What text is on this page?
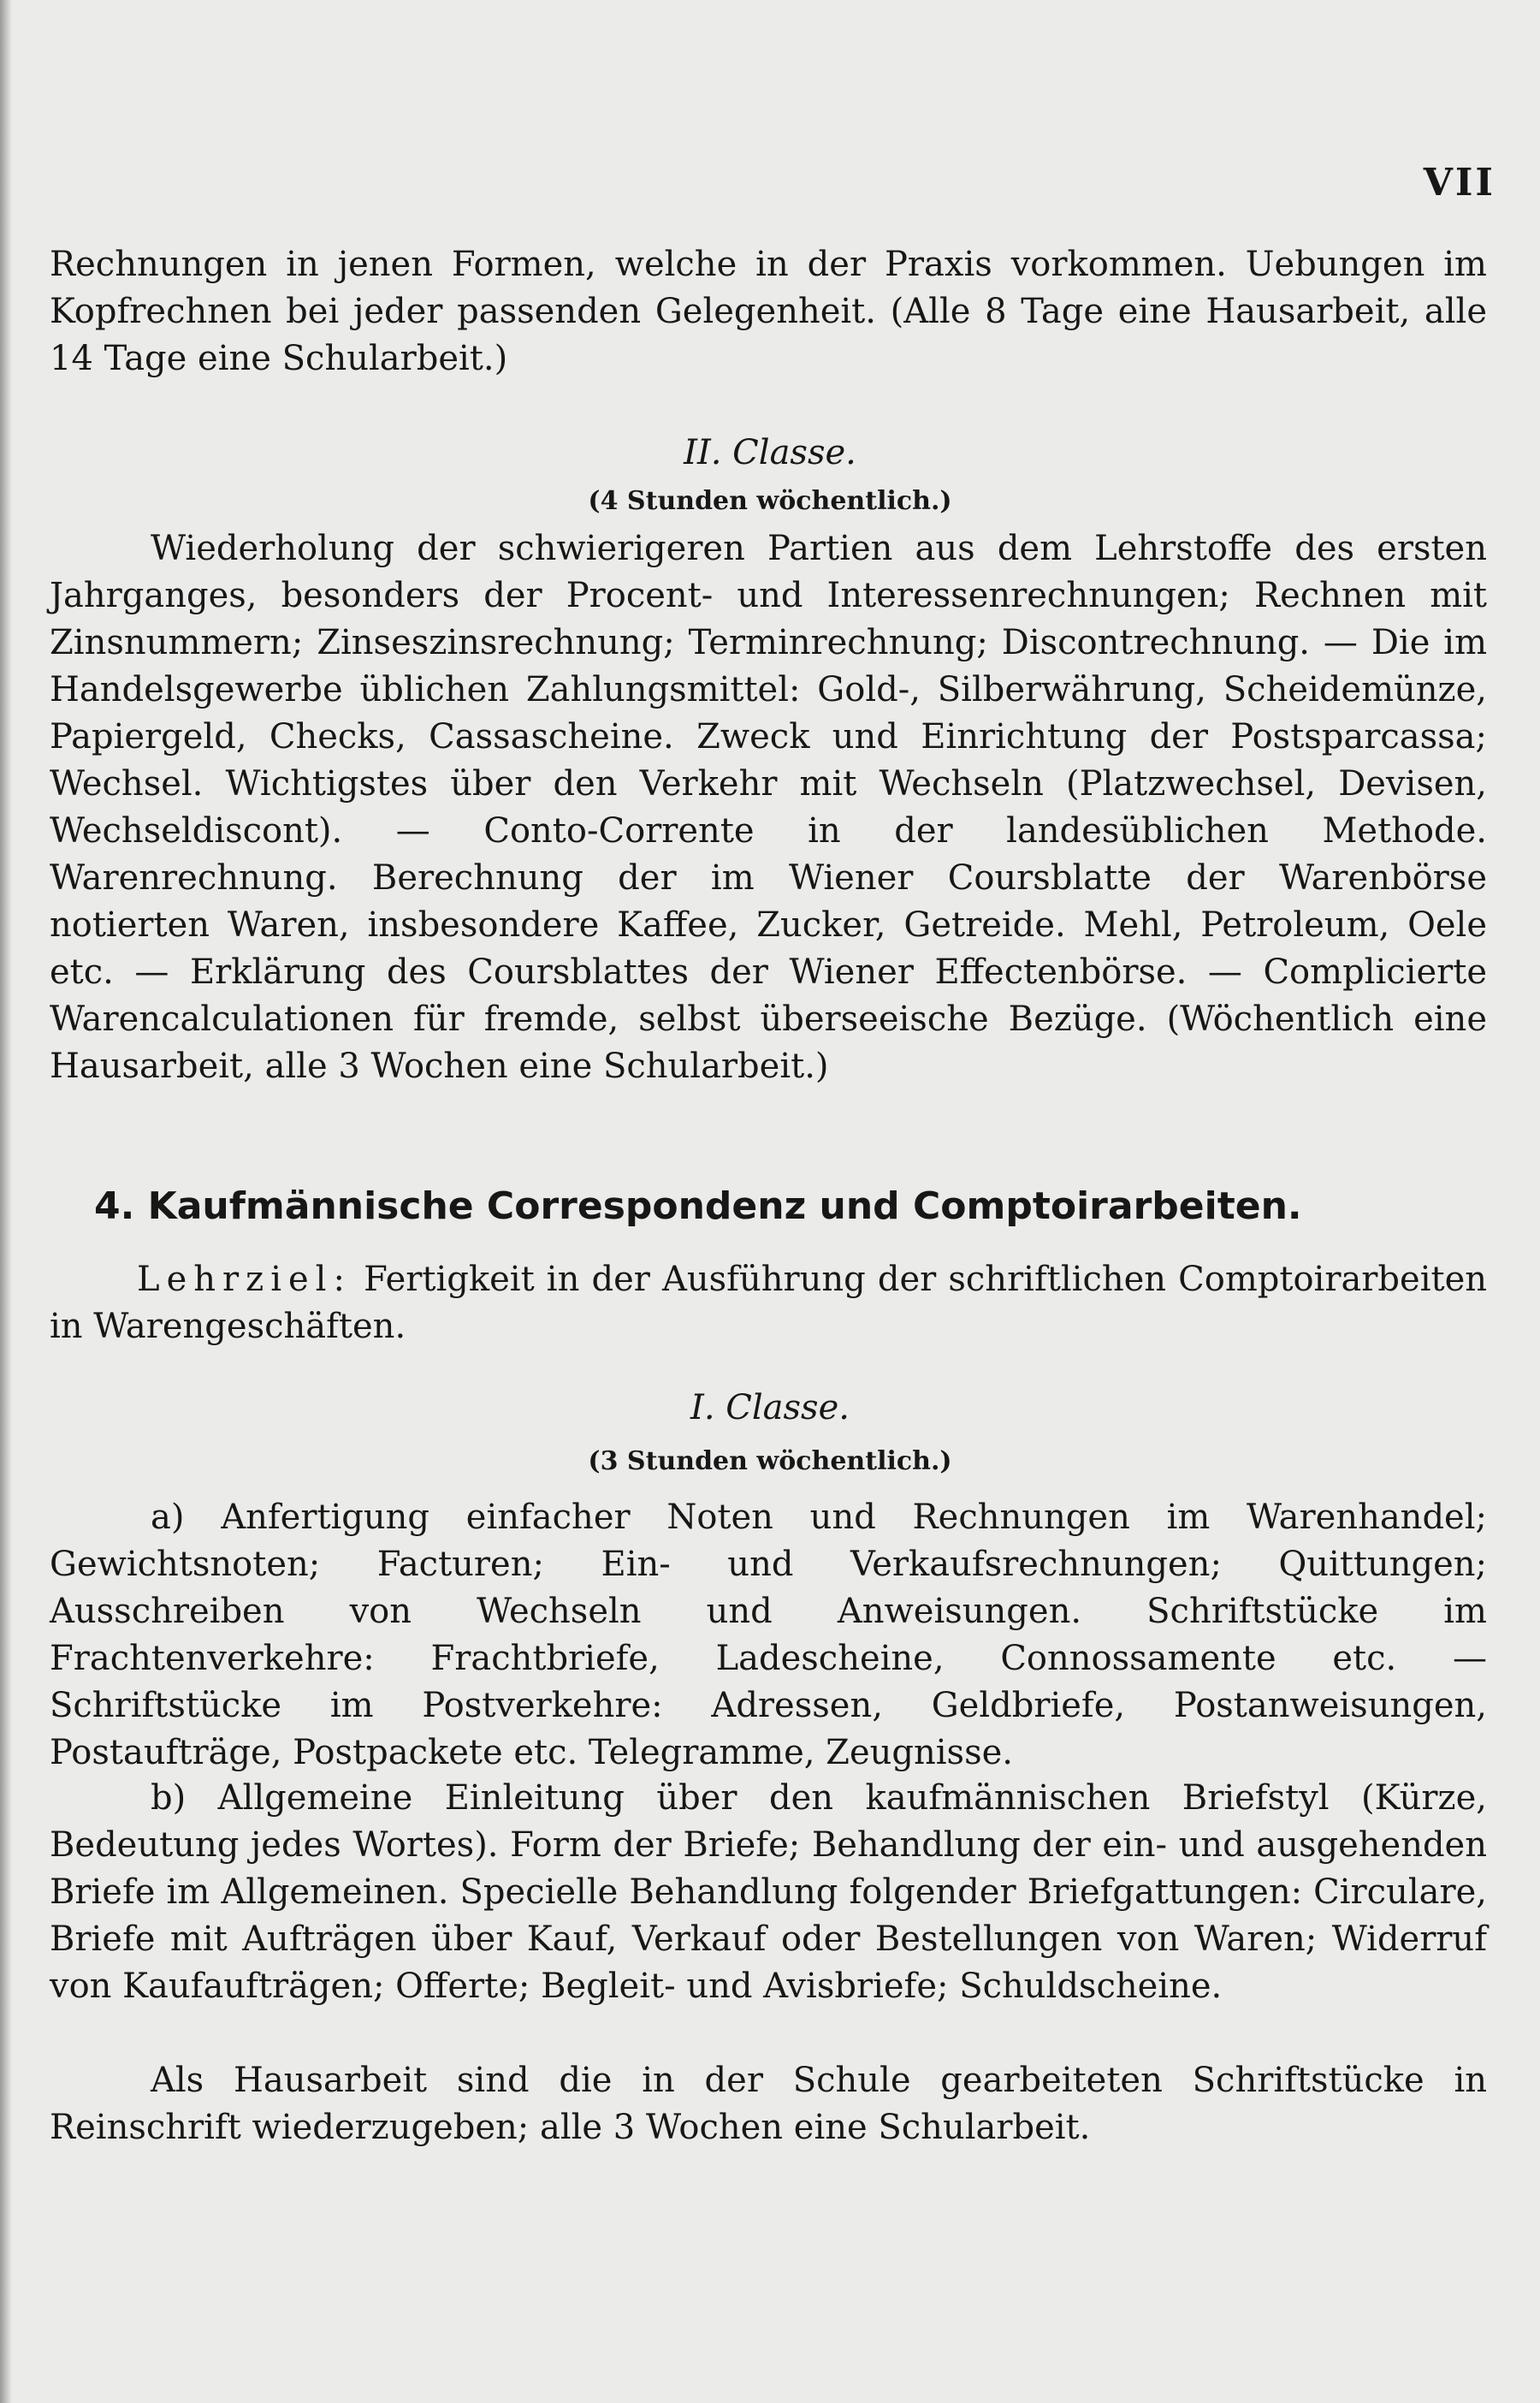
VII
Rechnungen in jenen Formen, welche in der Praxis vorkommen. Uebungen im Kopfrechnen bei jeder passenden Gelegenheit. (Alle 8 Tage eine Hausarbeit, alle 14 Tage eine Schularbeit.)
II. Classe.
(4 Stunden wöchentlich.)
Wiederholung der schwierigeren Partien aus dem Lehrstoffe des ersten Jahrganges, besonders der Procent- und Interessenrechnungen; Rechnen mit Zinsnummern; Zinseszinsrechnung; Terminrechnung; Discontrechnung. — Die im Handelsgewerbe üblichen Zahlungsmittel: Gold-, Silberwährung, Scheidemünze, Papiergeld, Checks, Cassascheine. Zweck und Einrichtung der Postsparcassa; Wechsel. Wichtigstes über den Verkehr mit Wechseln (Platzwechsel, Devisen, Wechseldiscont). — Conto-Corrente in der landesüblichen Methode. Warenrechnung. Berechnung der im Wiener Coursblatte der Warenbörse notierten Waren, insbesondere Kaffee, Zucker, Getreide. Mehl, Petroleum, Oele etc. — Erklärung des Coursblattes der Wiener Effectenbörse. — Complicierte Warencalculationen für fremde, selbst überseeische Bezüge. (Wöchentlich eine Hausarbeit, alle 3 Wochen eine Schularbeit.)
4. Kaufmännische Correspondenz und Comptoirarbeiten.
Lehrziel: Fertigkeit in der Ausführung der schriftlichen Comptoirarbeiten in Warengeschäften.
I. Classe.
(3 Stunden wöchentlich.)
a) Anfertigung einfacher Noten und Rechnungen im Warenhandel; Gewichtsnoten; Facturen; Ein- und Verkaufsrechnungen; Quittungen; Ausschreiben von Wechseln und Anweisungen. Schriftstücke im Frachtenverkehre: Frachtbriefe, Ladescheine, Connossamente etc. — Schriftstücke im Postverkehre: Adressen, Geldbriefe, Postanweisungen, Postaufträge, Postpackete etc. Telegramme, Zeugnisse.
b) Allgemeine Einleitung über den kaufmännischen Briefstyl (Kürze, Bedeutung jedes Wortes). Form der Briefe; Behandlung der ein- und ausgehenden Briefe im Allgemeinen. Specielle Behandlung folgender Briefgattungen: Circulare, Briefe mit Aufträgen über Kauf, Verkauf oder Bestellungen von Waren; Widerruf von Kaufaufträgen; Offerte; Begleit- und Avisbriefe; Schuldscheine.
Als Hausarbeit sind die in der Schule gearbeiteten Schriftstücke in Reinschrift wiederzugeben; alle 3 Wochen eine Schularbeit.
